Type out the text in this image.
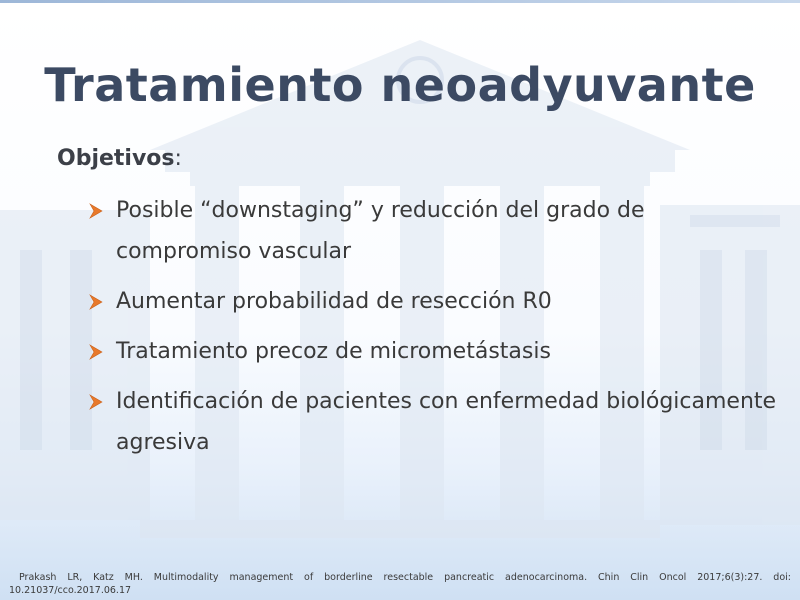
Tratamiento neoadyuvante
Objetivos:
Posible “downstaging” y reducción del grado de compromiso vascular
Aumentar probabilidad de resección R0
Tratamiento precoz de micrometástasis
Identificación de pacientes con enfermedad biológicamente agresiva
Prakash LR, Katz MH. Multimodality management of borderline resectable pancreatic adenocarcinoma. Chin Clin Oncol 2017;6(3):27. doi: 10.21037/cco.2017.06.17
